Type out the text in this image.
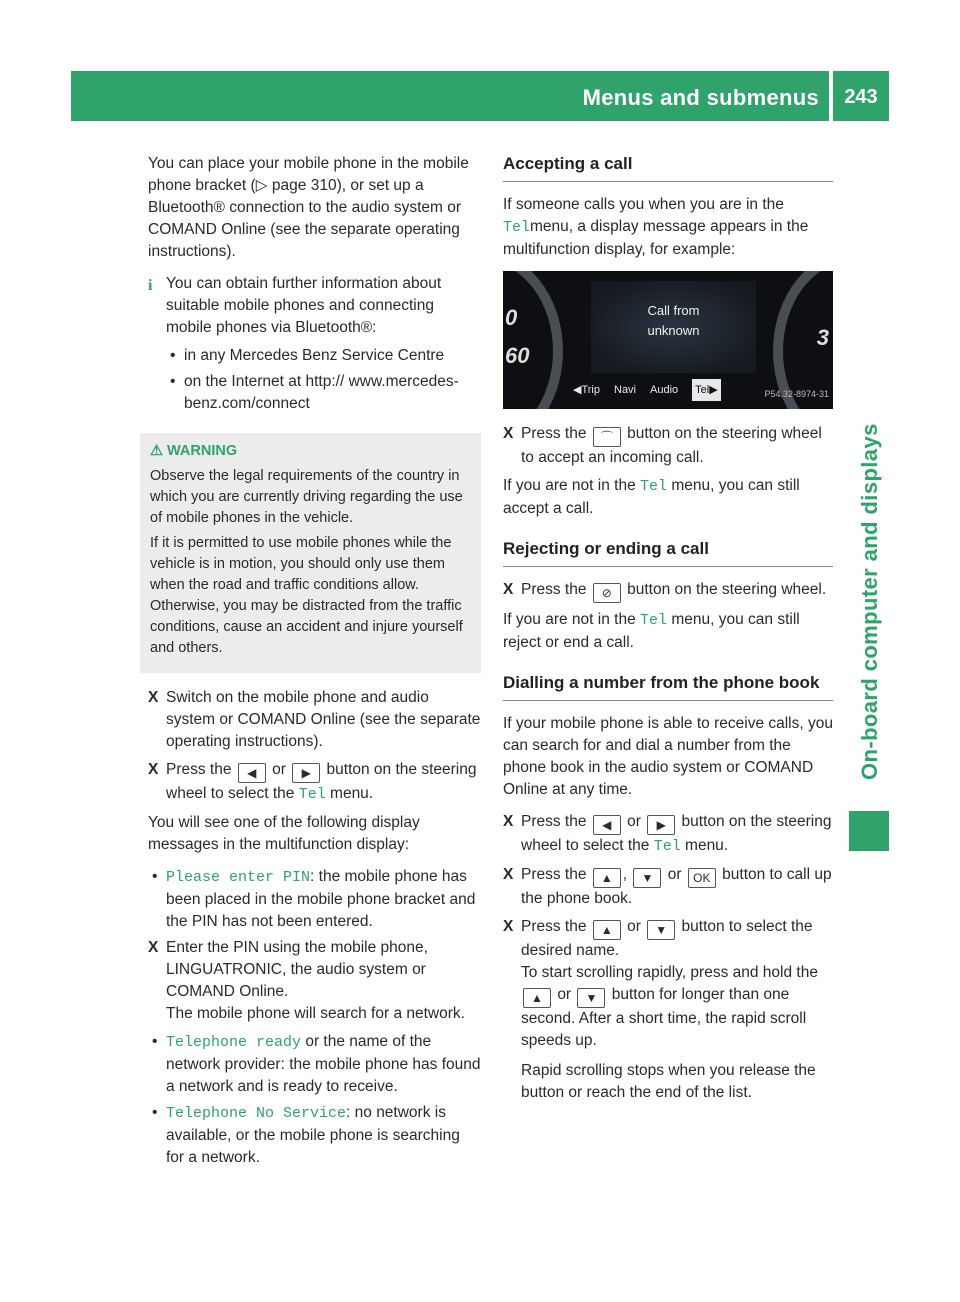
Menus and submenus	243
On-board computer and displays

You can place your mobile phone in the mobile phone bracket (▷ page 310), or set up a Bluetooth® connection to the audio system or COMAND Online (see the separate operating instructions).

i You can obtain further information about suitable mobile phones and connecting mobile phones via Bluetooth®:
• in any Mercedes Benz Service Centre
• on the Internet at http:// www.mercedes-benz.com/connect
⚠ WARNING

Observe the legal requirements of the country in which you are currently driving regarding the use of mobile phones in the vehicle.

If it is permitted to use mobile phones while the vehicle is in motion, you should only use them when the road and traffic conditions allow. Otherwise, you may be distracted from the traffic conditions, cause an accident and injure yourself and others.

X Switch on the mobile phone and audio system or COMAND Online (see the separate operating instructions).
X Press the ◀ or ▶ button on the steering wheel to select the Tel menu.

You will see one of the following display messages in the multifunction display:

• Please enter PIN: the mobile phone has been placed in the mobile phone bracket and the PIN has not been entered.
X Enter the PIN using the mobile phone, LINGUATRONIC, the audio system or COMAND Online.
The mobile phone will search for a network.
• Telephone ready or the name of the network provider: the mobile phone has found a network and is ready to receive.
• Telephone No Service: no network is available, or the mobile phone is searching for a network.
Accepting a call

If someone calls you when you are in the Telmenu, a display message appears in the multifunction display, for example:

0
60
3
Call from
unknown
◀Trip Navi Audio Tel▶	P54.32-8974-31
X Press the ⌒ button on the steering wheel to accept an incoming call.

If you are not in the Tel menu, you can still accept a call.

Rejecting or ending a call
X Press the ⊘ button on the steering wheel.

If you are not in the Tel menu, you can still reject or end a call.

Dialling a number from the phone book

If your mobile phone is able to receive calls, you can search for and dial a number from the phone book in the audio system or COMAND Online at any time.

X Press the ◀ or ▶ button on the steering wheel to select the Tel menu.
X Press the ▲ , ▼ or OK button to call up the phone book.
X Press the ▲ or ▼ button to select the desired name.
To start scrolling rapidly, press and hold the ▲ or ▼ button for longer than one second. After a short time, the rapid scroll speeds up.
Rapid scrolling stops when you release the button or reach the end of the list.
